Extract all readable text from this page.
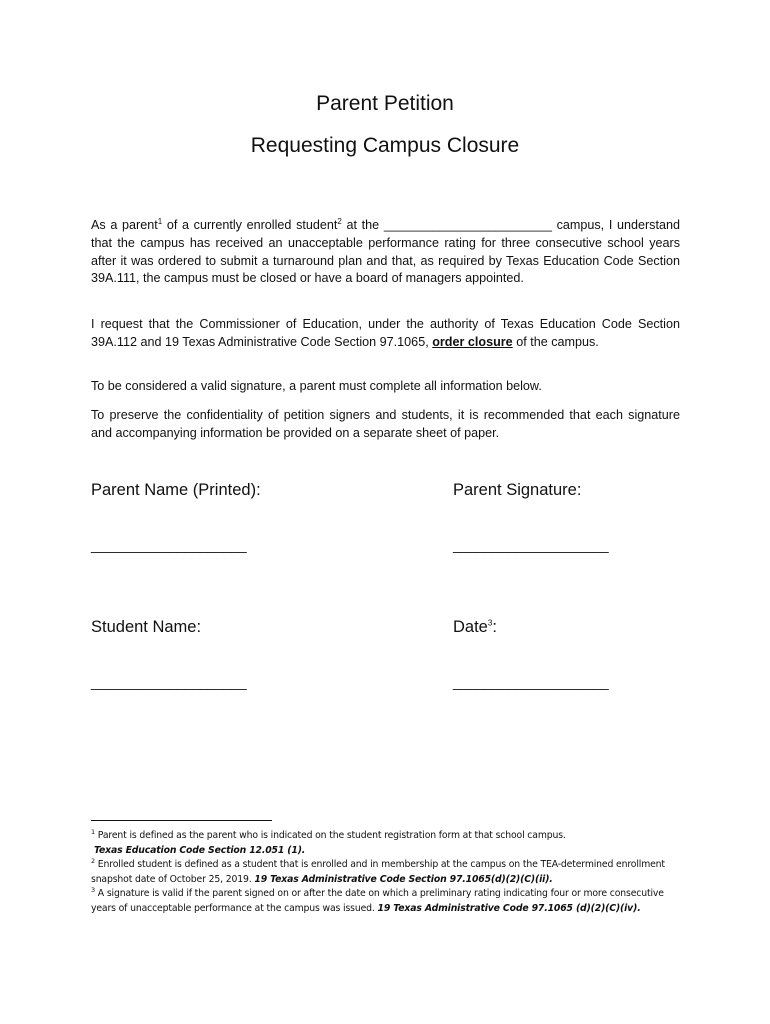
Parent Petition
Requesting Campus Closure
As a parent$^1$ of a currently enrolled student$^2$ at the ________________________ campus, I understand that the campus has received an unacceptable performance rating for three consecutive school years after it was ordered to submit a turnaround plan and that, as required by Texas Education Code Section 39A.111, the campus must be closed or have a board of managers appointed.
I request that the Commissioner of Education, under the authority of Texas Education Code Section 39A.112 and 19 Texas Administrative Code Section 97.1065, order closure of the campus.
To be considered a valid signature, a parent must complete all information below.
To preserve the confidentiality of petition signers and students, it is recommended that each signature and accompanying information be provided on a separate sheet of paper.
Parent Name (Printed):	Parent Signature:
____________________	____________________
Student Name:	Date$^3$:
____________________	____________________
$^1$ Parent is defined as the parent who is indicated on the student registration form at that school campus.
Texas Education Code Section 12.051 (1).
$^2$ Enrolled student is defined as a student that is enrolled and in membership at the campus on the TEA-determined enrollment snapshot date of October 25, 2019. 19 Texas Administrative Code Section 97.1065(d)(2)(C)(ii).
$^3$ A signature is valid if the parent signed on or after the date on which a preliminary rating indicating four or more consecutive years of unacceptable performance at the campus was issued. 19 Texas Administrative Code 97.1065 (d)(2)(C)(iv).
